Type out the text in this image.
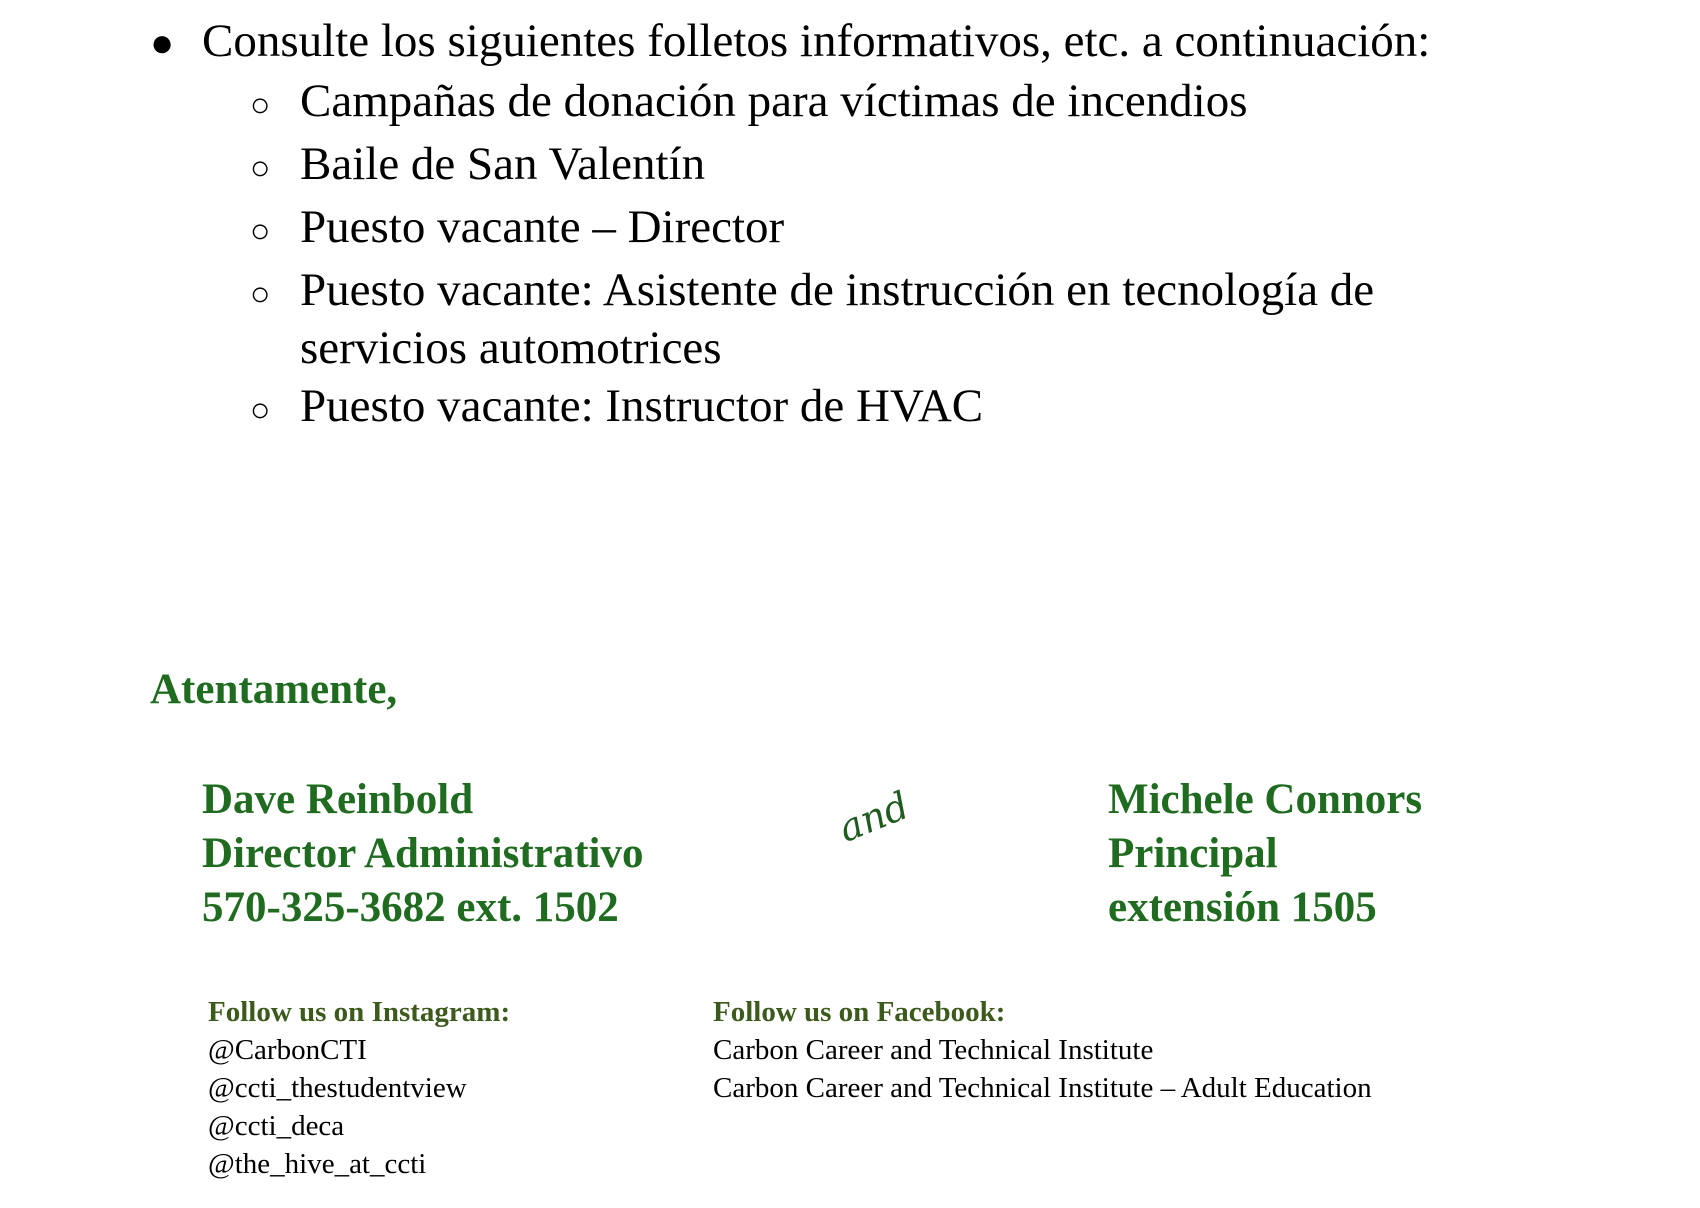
● Consulte los siguientes folletos informativos, etc. a continuación:
○ Campañas de donación para víctimas de incendios
○ Baile de San Valentín
○ Puesto vacante – Director
○ Puesto vacante: Asistente de instrucción en tecnología de servicios automotrices
○ Puesto vacante: Instructor de HVAC
Atentamente,
Dave Reinbold
Director Administrativo
570-325-3682 ext. 1502
and	Michele Connors
Principal
extensión 1505
Follow us on Instagram:
@CarbonCTI
@ccti_thestudentview
@ccti_deca
@the_hive_at_ccti
Follow us on Facebook:
Carbon Career and Technical Institute
Carbon Career and Technical Institute – Adult Education
